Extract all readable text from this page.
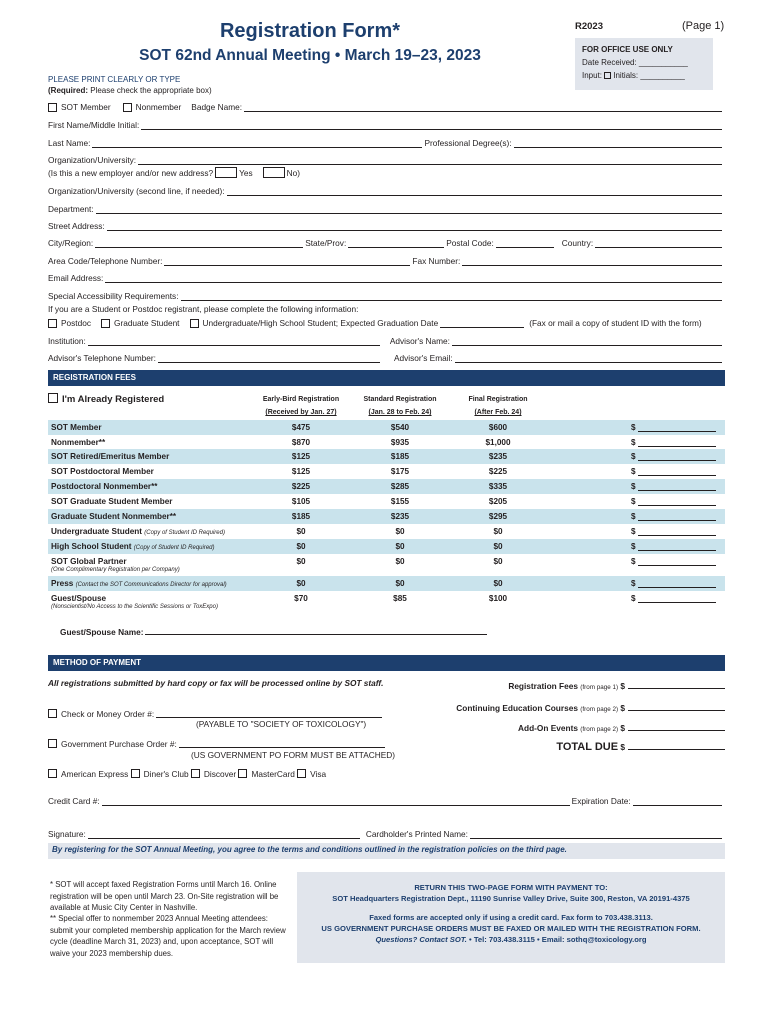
Registration Form*
SOT 62nd Annual Meeting • March 19–23, 2023
R2023	(Page 1)
FOR OFFICE USE ONLY
Date Received: ___________
Input: Initials: __________
PLEASE PRINT CLEARLY OR TYPE
(Required: Please check the appropriate box)
SOT Member	Nonmember Badge Name:
First Name/Middle Initial:
Last Name:	Professional Degree(s):
Organization/University:
(Is this a new employer and/or new address?	Yes	No)
Organization/University (second line, if needed):
Department:
Street Address:
City/Region:	State/Prov:	Postal Code:	Country:
Area Code/Telephone Number:	Fax Number:
Email Address:
Special Accessibility Requirements:
If you are a Student or Postdoc registrant, please complete the following information:
Postdoc	Graduate Student	Undergraduate/High School Student; Expected Graduation Date	(Fax or mail a copy of student ID with the form)
Institution:	Advisor's Name:
Advisor's Telephone Number:	Advisor's Email:
REGISTRATION FEES
I'm Already Registered	Early-Bird Registration
(Received by Jan. 27)
Standard Registration
(Jan. 28 to Feb. 24)
Final Registration
(After Feb. 24)
SOT Member	$475	$540	$600	$
Nonmember**	$870	$935	$1,000	$
SOT Retired/Emeritus Member	$125	$185	$235	$
SOT Postdoctoral Member	$125	$175	$225	$
Postdoctoral Nonmember**	$225	$285	$335	$
SOT Graduate Student Member	$105	$155	$205	$
Graduate Student Nonmember**	$185	$235	$295	$
Undergraduate Student (Copy of Student ID Required)	$0	$0	$0	$
High School Student (Copy of Student ID Required)	$0	$0	$0	$
SOT Global Partner
(One Complimentary Registration per Company)
$0	$0	$0	$
Press (Contact the SOT Communications Director for approval)	$0	$0	$0	$
Guest/Spouse
(Nonscientist/No Access to the Scientific Sessions or ToxExpo)
$70	$85	$100	$
Guest/Spouse Name:
METHOD OF PAYMENT
All registrations submitted by hard copy or fax will be processed online by SOT staff.
Check or Money Order #:
(PAYABLE TO "SOCIETY OF TOXICOLOGY")
Government Purchase Order #:
(US GOVERNMENT PO FORM MUST BE ATTACHED)
American Express Diner's Club Discover MasterCard Visa
Credit Card #:	Expiration Date:
Signature:	Cardholder's Printed Name:
By registering for the SOT Annual Meeting, you agree to the terms and conditions outlined in the registration policies on the third page.
Registration Fees (from page 1) $
Continuing Education Courses (from page 2) $
Add-On Events (from page 2) $
TOTAL DUE $
* SOT will accept faxed Registration Forms until March 16. Online registration will be open until March 23. On-Site registration will be available at Music City Center in Nashville.
** Special offer to nonmember 2023 Annual Meeting attendees: submit your completed membership application for the March review cycle (deadline March 31, 2023) and, upon acceptance, SOT will waive your 2023 membership dues.
RETURN THIS TWO-PAGE FORM WITH PAYMENT TO:
SOT Headquarters Registration Dept., 11190 Sunrise Valley Drive, Suite 300, Reston, VA 20191-4375
Faxed forms are accepted only if using a credit card. Fax form to 703.438.3113.
US GOVERNMENT PURCHASE ORDERS MUST BE FAXED OR MAILED WITH THE REGISTRATION FORM.
Questions? Contact SOT. • Tel: 703.438.3115 • Email: sothq@toxicology.org
